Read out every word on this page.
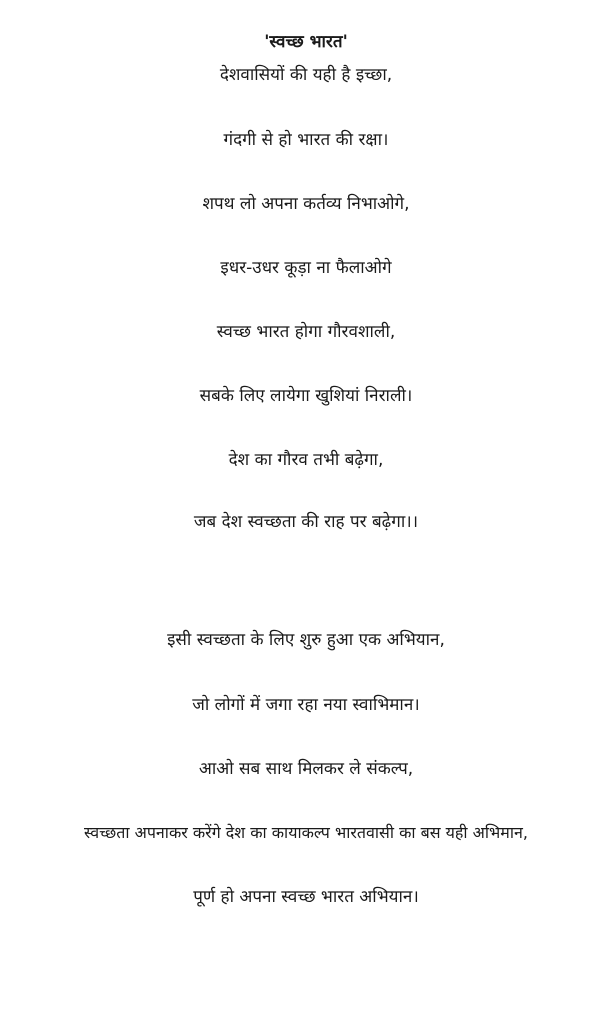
'स्वच्छ भारत'
देशवासियों की यही है इच्छा,
गंदगी से हो भारत की रक्षा।
शपथ लो अपना कर्तव्य निभाओगे,
इधर-उधर कूड़ा ना फैलाओगे
स्वच्छ भारत होगा गौरवशाली,
सबके लिए लायेगा खुशियां निराली।
देश का गौरव तभी बढ़ेगा,
जब देश स्वच्छता की राह पर बढ़ेगा।।
इसी स्वच्छता के लिए शुरु हुआ एक अभियान,
जो लोगों में जगा रहा नया स्वाभिमान।
आओ सब साथ मिलकर ले संकल्प,
स्वच्छता अपनाकर करेंगे देश का कायाकल्प भारतवासी का बस यही अभिमान,
पूर्ण हो अपना स्वच्छ भारत अभियान।
